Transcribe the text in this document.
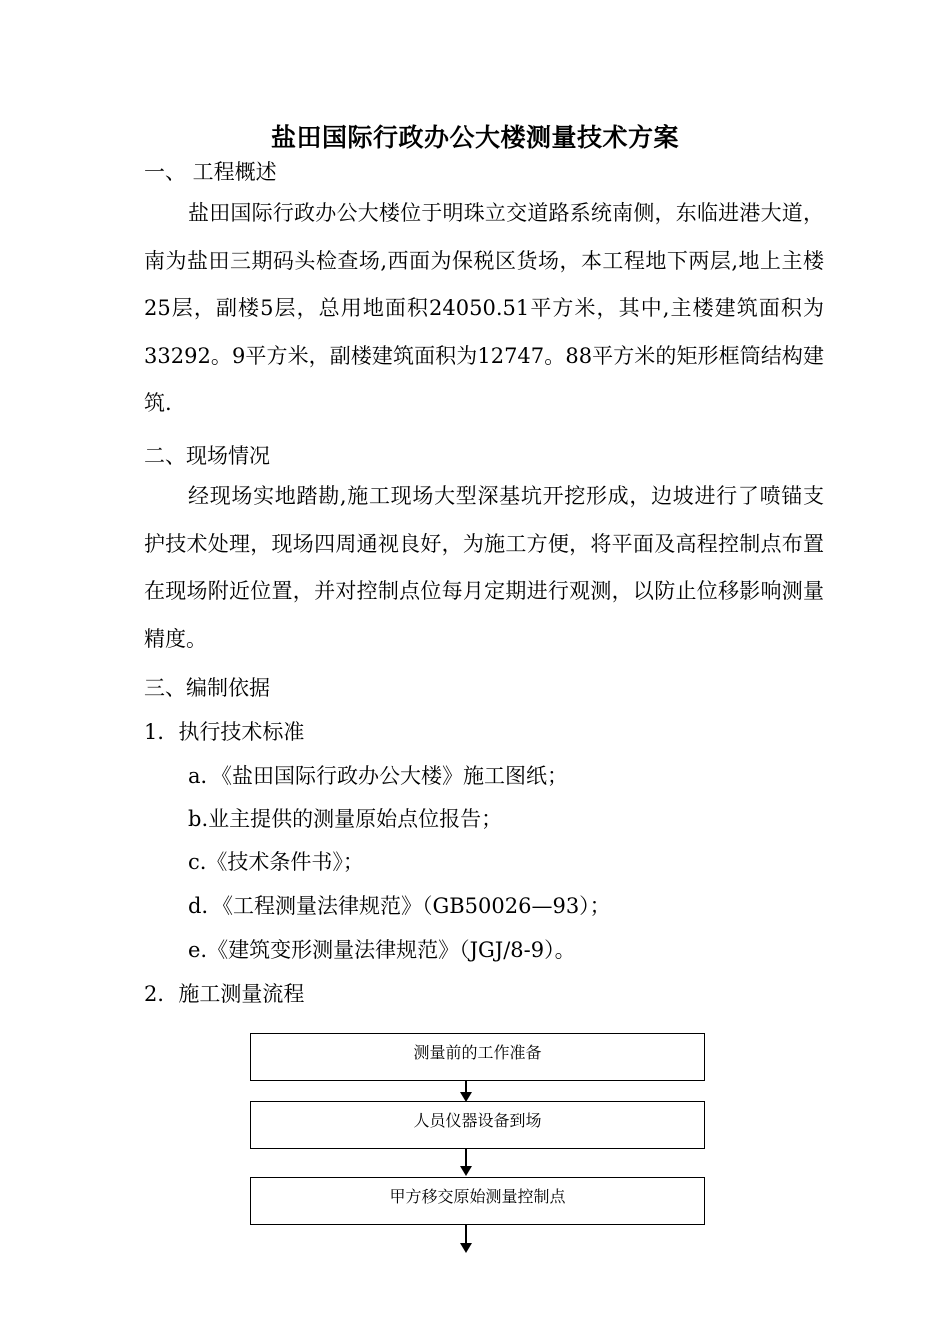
盐田国际行政办公大楼测量技术方案
一、 工程概述
盐田国际行政办公大楼位于明珠立交道路系统南侧，东临进港大道，南为盐田三期码头检查场,西面为保税区货场，本工程地下两层,地上主楼25层，副楼5层，总用地面积24050.51平方米，其中,主楼建筑面积为33292。9平方米，副楼建筑面积为12747。88平方米的矩形框筒结构建筑.
二、现场情况
经现场实地踏勘,施工现场大型深基坑开挖形成，边坡进行了喷锚支护技术处理，现场四周通视良好，为施工方便，将平面及高程控制点布置在现场附近位置，并对控制点位每月定期进行观测，以防止位移影响测量精度。
三、编制依据
1．执行技术标准
a．《盐田国际行政办公大楼》施工图纸；
b.业主提供的测量原始点位报告；
c.《技术条件书》；
d．《工程测量法律规范》（GB50026—93）；
e.《建筑变形测量法律规范》（JGJ/8-9）。
2．施工测量流程
测量前的工作准备
人员仪器设备到场
甲方移交原始测量控制点
